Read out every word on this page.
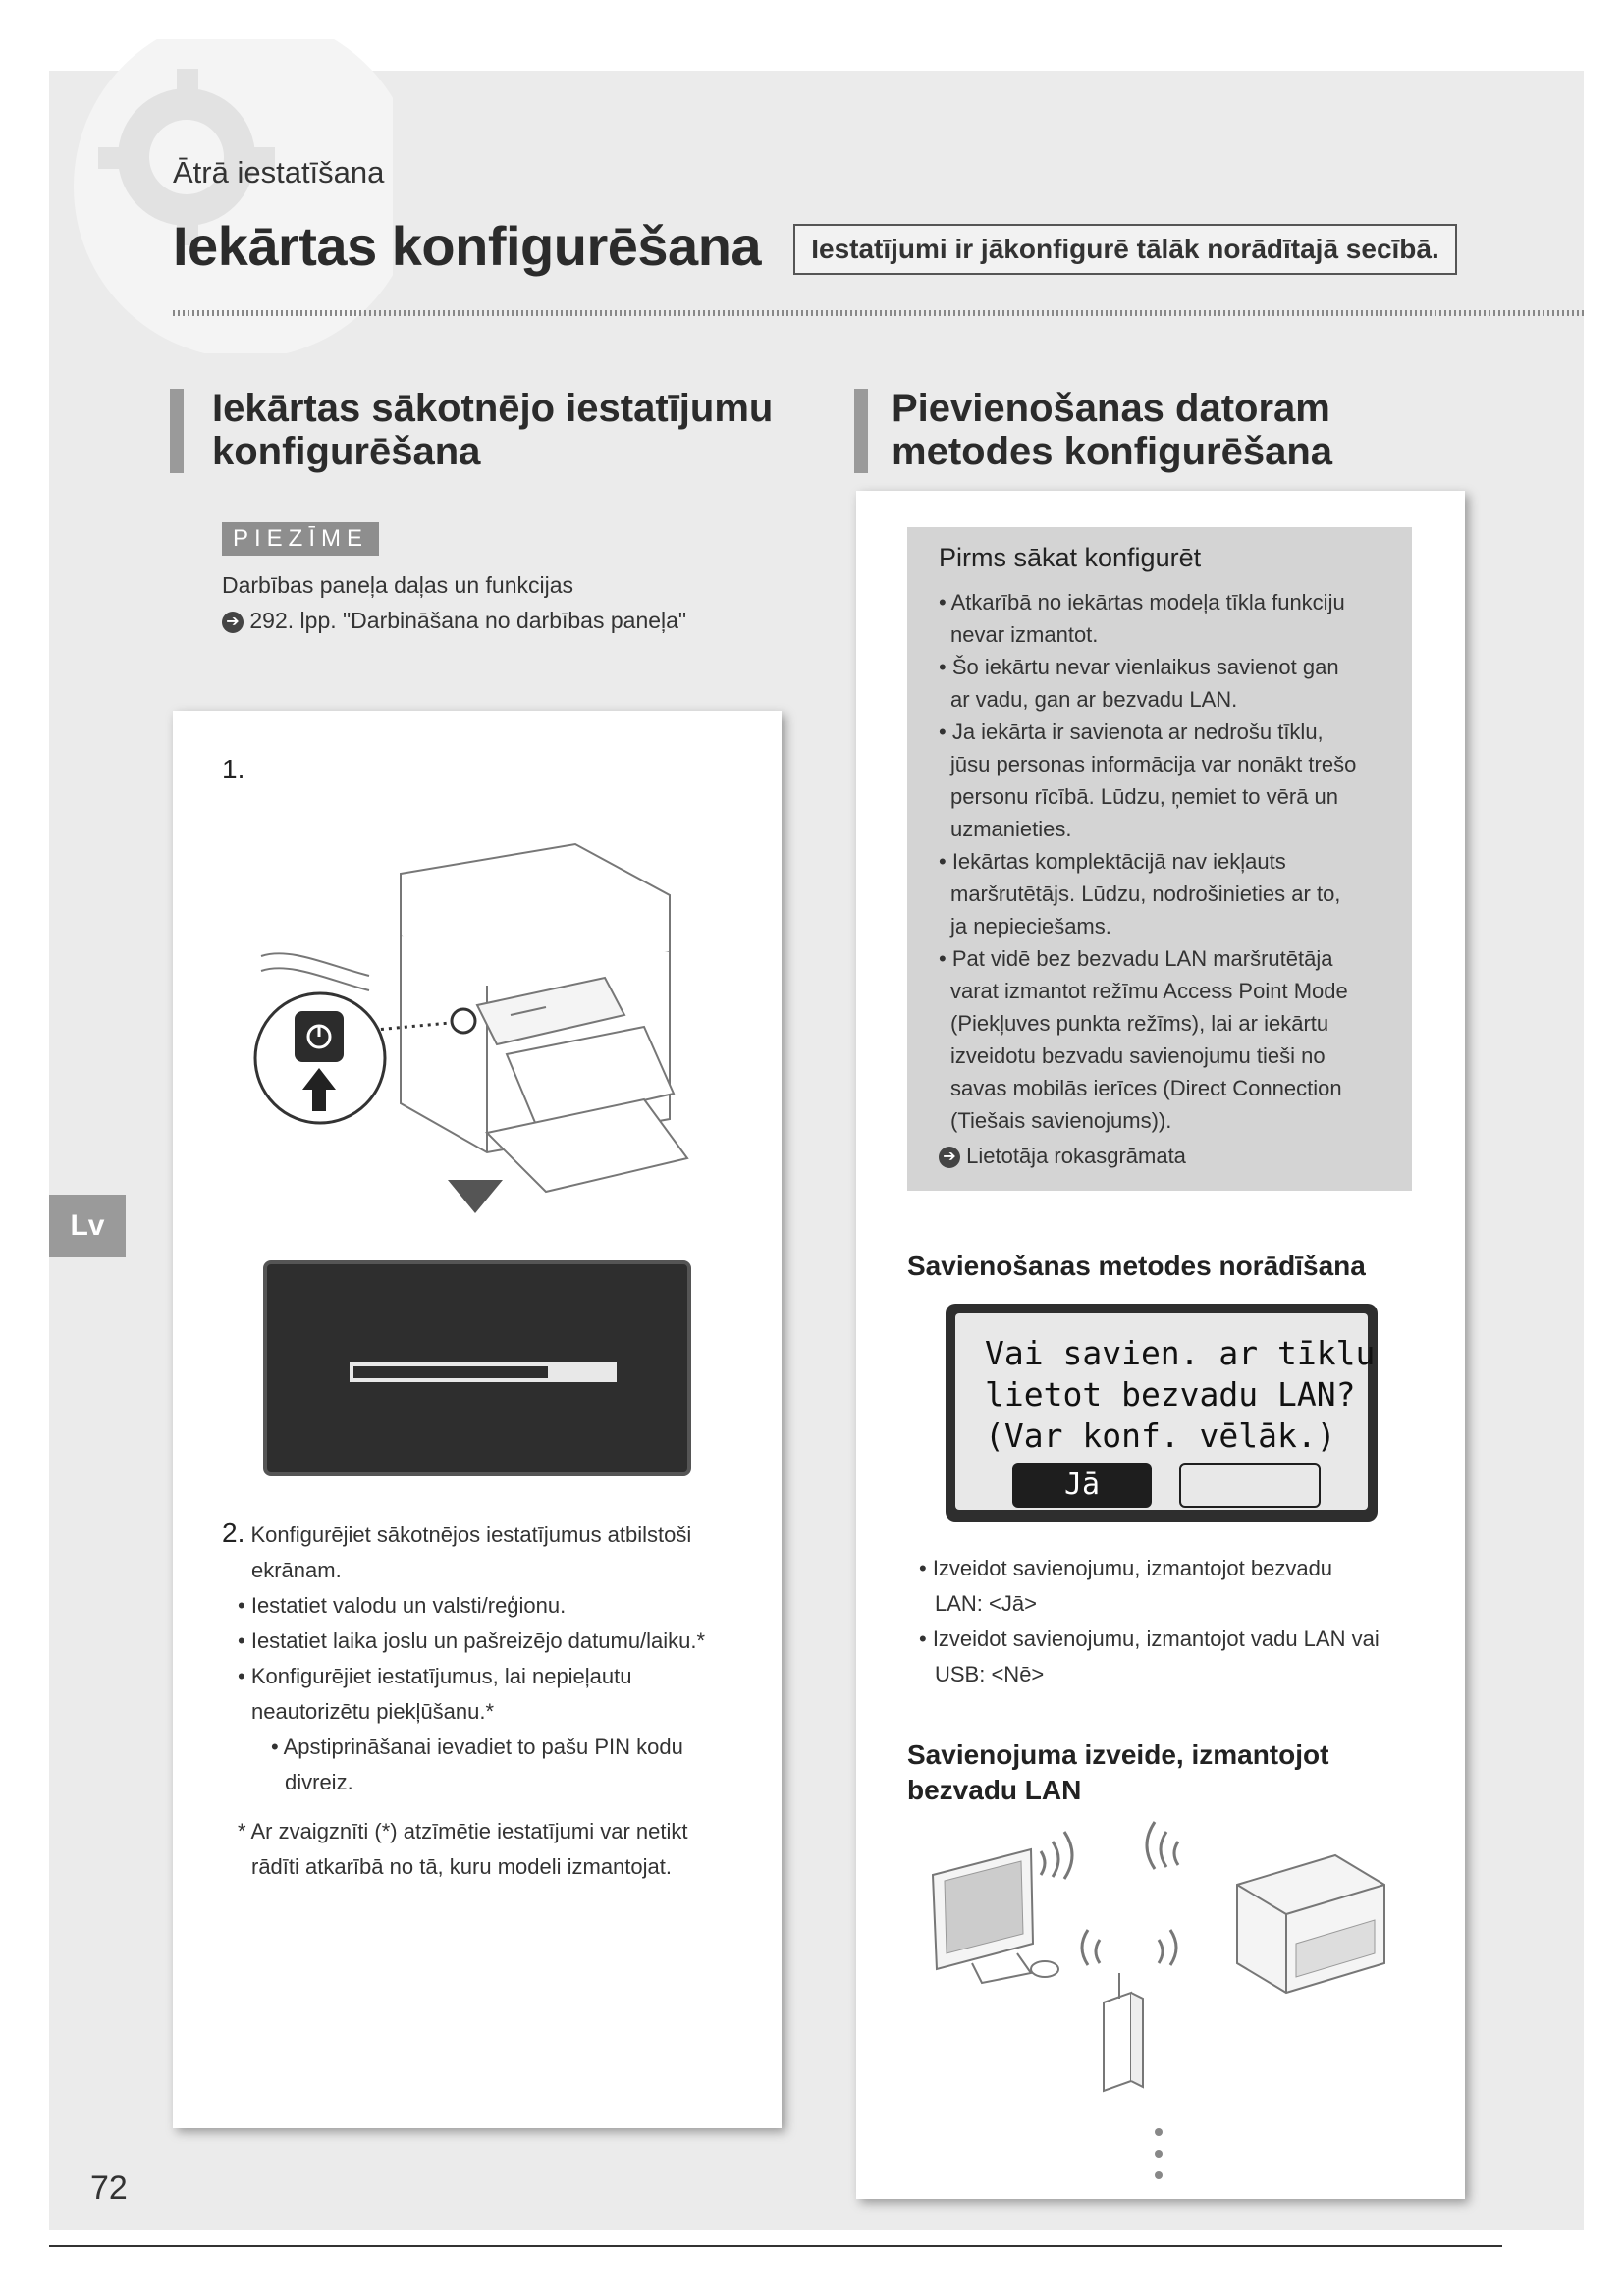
Ātrā iestatīšana
Iekārtas konfigurēšana	Iestatījumi ir jākonfigurē tālāk norādītajā secībā.
Iekārtas sākotnējo iestatījumu
konfigurēšana
PIEZĪME
Darbības paneļa daļas un funkcijas
➔ 292. lpp. "Darbināšana no darbības paneļa"
1.
2. Konfigurējiet sākotnējos iestatījumus atbilstoši
ekrānam.
• Iestatiet valodu un valsti/reģionu.
• Iestatiet laika joslu un pašreizējo datumu/laiku.*
• Konfigurējiet iestatījumus, lai nepieļautu
neautorizētu piekļūšanu.*
• Apstiprināšanai ievadiet to pašu PIN kodu
divreiz.
* Ar zvaigznīti (*) atzīmētie iestatījumi var netikt
rādīti atkarībā no tā, kuru modeli izmantojat.
Pievienošanas datoram
metodes konfigurēšana
Pirms sākat konfigurēt
• Atkarībā no iekārtas modeļa tīkla funkciju
nevar izmantot.
• Šo iekārtu nevar vienlaikus savienot gan
ar vadu, gan ar bezvadu LAN.
• Ja iekārta ir savienota ar nedrošu tīklu,
jūsu personas informācija var nonākt trešo
personu rīcībā. Lūdzu, ņemiet to vērā un
uzmanieties.
• Iekārtas komplektācijā nav iekļauts
maršrutētājs. Lūdzu, nodrošinieties ar to,
ja nepieciešams.
• Pat vidē bez bezvadu LAN maršrutētāja
varat izmantot režīmu Access Point Mode
(Piekļuves punkta režīms), lai ar iekārtu
izveidotu bezvadu savienojumu tieši no
savas mobilās ierīces (Direct Connection
(Tiešais savienojums)).
➔ Lietotāja rokasgrāmata
Savienošanas metodes norādīšana
Vai savien. ar tīklu
lietot bezvadu LAN?
(Var konf. vēlāk.)
Jā
• Izveidot savienojumu, izmantojot bezvadu
LAN: <Jā>
• Izveidot savienojumu, izmantojot vadu LAN vai
USB: <Nē>
Savienojuma izveide, izmantojot
bezvadu LAN
Lv
72
